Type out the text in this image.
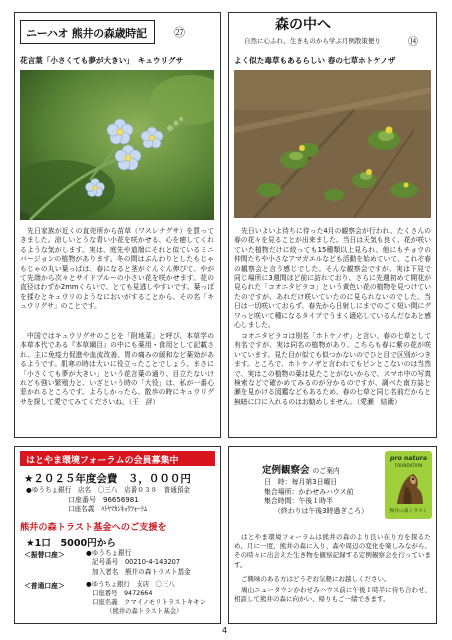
ニーハオ 熊井の森歳時記 ㉗
花言葉「小さくても夢が大きい」　キュウリグサ

先日家族が近くの直売所から苗草（ワスレナグサ）を買ってきました。涼しいとうな青い小花を咲かせる、心を癒してくれるような気がします。実は、庭先や道端にそれと似ているミニバージョンの植物があります。冬の間はぶんわりとしたもじゃもじゃの丸い葉っぱは、春になると茎がぐんぐん伸びて、やがて先端から次々とサイドブルーの小さい花を咲かせます。花の直径はわずか2mmくらいで、とても見逃しやすいです。葉っぱを揉むとキュウリのようなにおいがすることから、その名「キュウリグサ」のことです。

中国ではキュウリグサのことを「附地菜」と呼び、本草学の本草本代である『本草綱目』の中にも薬用・食用として記載され、主に免疫力促進や血流改善、胃の痛みの緩和など薬効があるようです。肌寒の時は大いに役立ったことでしょう。まさに「小さくても夢が大きい」という花言葉の通り、目立たないけれども強い繁殖力と、いざという時の「大役」は、私が一番心惹かれるところです。よろしかったら、散歩の時にキュウリグサを探して愛でてみてくださいね。（王　評）

森の中へ
自然に心ふれ、生きものから学ぶ月例散策便り	⑭
よく似た毒草もあるらしい 春の七草ホトケノザ

先日いよいよ待ちに待った4月の観察会が行われ、たくさんの春の花々を見ることが出来ました。当日は天気も良く、花が咲いていた植物だけに絞っても15種類以上見られ、他にもチョウの仲間たちや小さなアマガエルなども活動を始めていて、これぞ春の観察会と言う感じでした。そんな観察会ですが、実は下見で同じ場所に3週間ほど前に訪れており、さらに先週初めて開花が見られた「コオニタビラコ」という黄色い花の植物を見つけていたのですが、あれだけ咲いていたのに見られないのでした。当日は一切咲いておらず、春先から日射しにまでのごく短い間にグワっと咲いて種になるタイプでうまく適応しているんだなあと感心しました。

コオニタビラコは別名「ホトケノザ」と言い、春の七草として有名ですが、実は同名の植物があり、こちらも春に紫の花が咲いています。見た目が似ても似つかないのでひと目で区別がつきます。ところで、ホトケノザと言われてもピンとこないのは当然で、実はこの植物の葉は見たことがないからで、スマホ中の写真検索などで確かめてみるのが分かるのですが、調べた南方誌と瀬を見かける図鑑などもあるため、春の七草と同じ名前だからと無暗に口に入れるのはお勧めしません。（愛瀬　結衛）

はとやま環境フォーラムの会員募集中
★２０２５年度会費　３，０００円
●ゆうちょ銀行　店名　〇三八　店番０３８　普通預金
口座番号　96656981
口座名義　ﾊﾄﾔﾏｶﾝｷｮｳﾌｫｰﾗﾑ
熊井の森トラスト基金へのご支援を
★1口　5000円から
＜振替口座＞	●ゆうちょ銀行
記号番号　00210-4-143207
加入者名　熊井の森トラスト基金
＜普通口座＞	●ゆうちょ銀行　支店　〇三八
口座番号　9472664
口座名義　クマイノモリトラストキキン
（熊井の森トラスト基金）
定例観察会 のご案内
日　時：毎月第3日曜日
集合場所：かわせみハウス前
集合時間：午後１時半
（終わりは午後3時過ぎころ）
pro natura
FOUNDATION
熊井の森トラスト

はとやま環境フォーラムは熊井の森のより良い在り方を探るため、月に一度、熊井の森に入り、森や周辺の変化を楽しみながら、その時々に出会えた生き物を観察記録する定例観察会を行っています。

ご興味のある方はどうぞお気軽にお越しください。

鳩山ニュータウンかわせみハウス前に午後１時半に待ち合わせ、相談して熊井の森に向かい、帰りもご一緒できます。

4
